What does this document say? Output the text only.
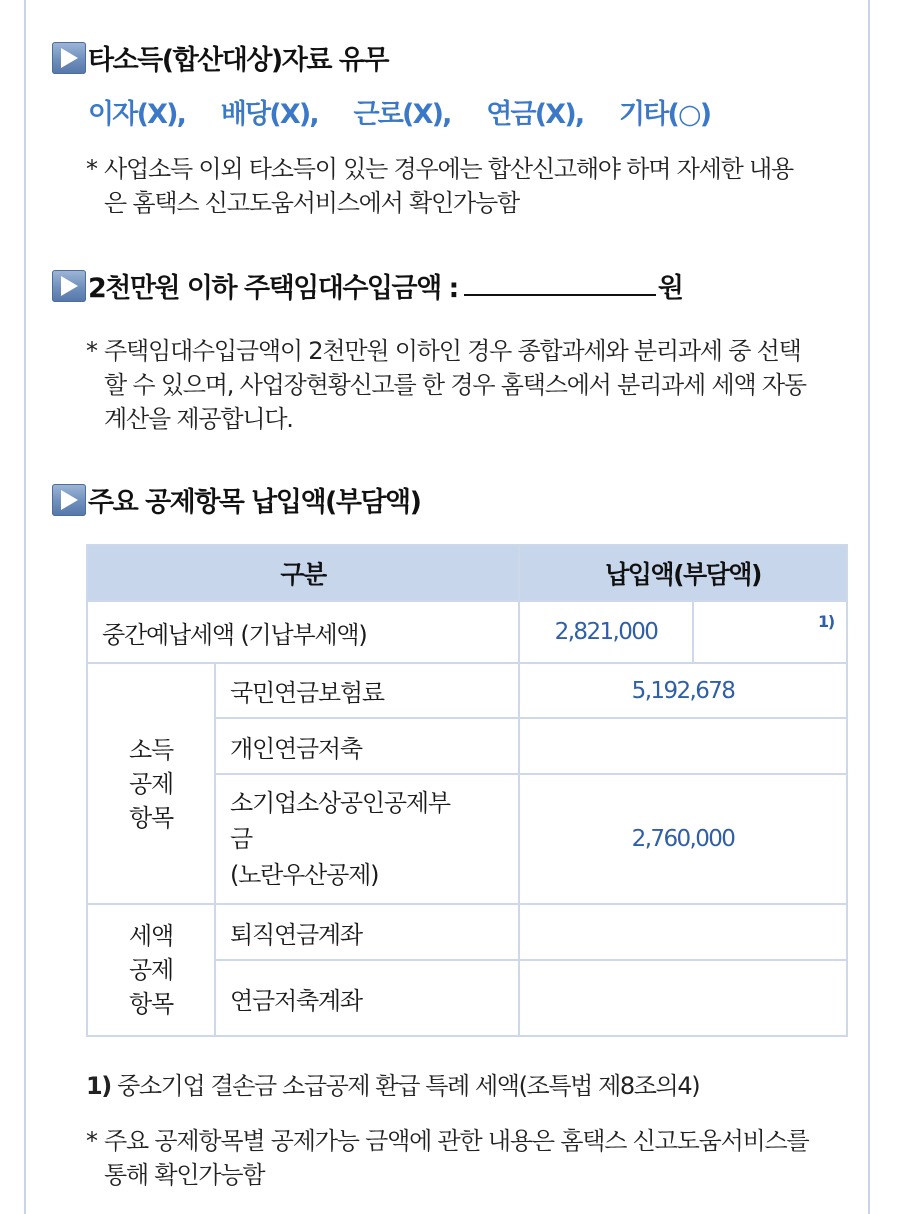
타소득(합산대상)자료 유무
이자(X), 배당(X), 근로(X), 연금(X), 기타(○)
* 사업소득 이외 타소득이 있는 경우에는 합산신고해야 하며 자세한 내용
은 홈택스 신고도움서비스에서 확인가능함
2천만원 이하 주택임대수입금액 :	원
* 주택임대수입금액이 2천만원 이하인 경우 종합과세와 분리과세 중 선택
할 수 있으며, 사업장현황신고를 한 경우 홈택스에서 분리과세 세액 자동
계산을 제공합니다.
주요 공제항목 납입액(부담액)
구분		납입액(부담액)	
중간예납세액 (기납부세액)		2,821,000	1)

소득
공제
항목	국민연금보험료	5,192,678	
	개인연금저축		

	소기업소상공인공제부
금
(노란우산공제)	2,760,000	

세액
공제
항목	퇴직연금계좌		
	연금저축계좌		
1) 중소기업 결손금 소급공제 환급 특례 세액(조특법 제8조의4)
* 주요 공제항목별 공제가능 금액에 관한 내용은 홈택스 신고도움서비스를
통해 확인가능함
